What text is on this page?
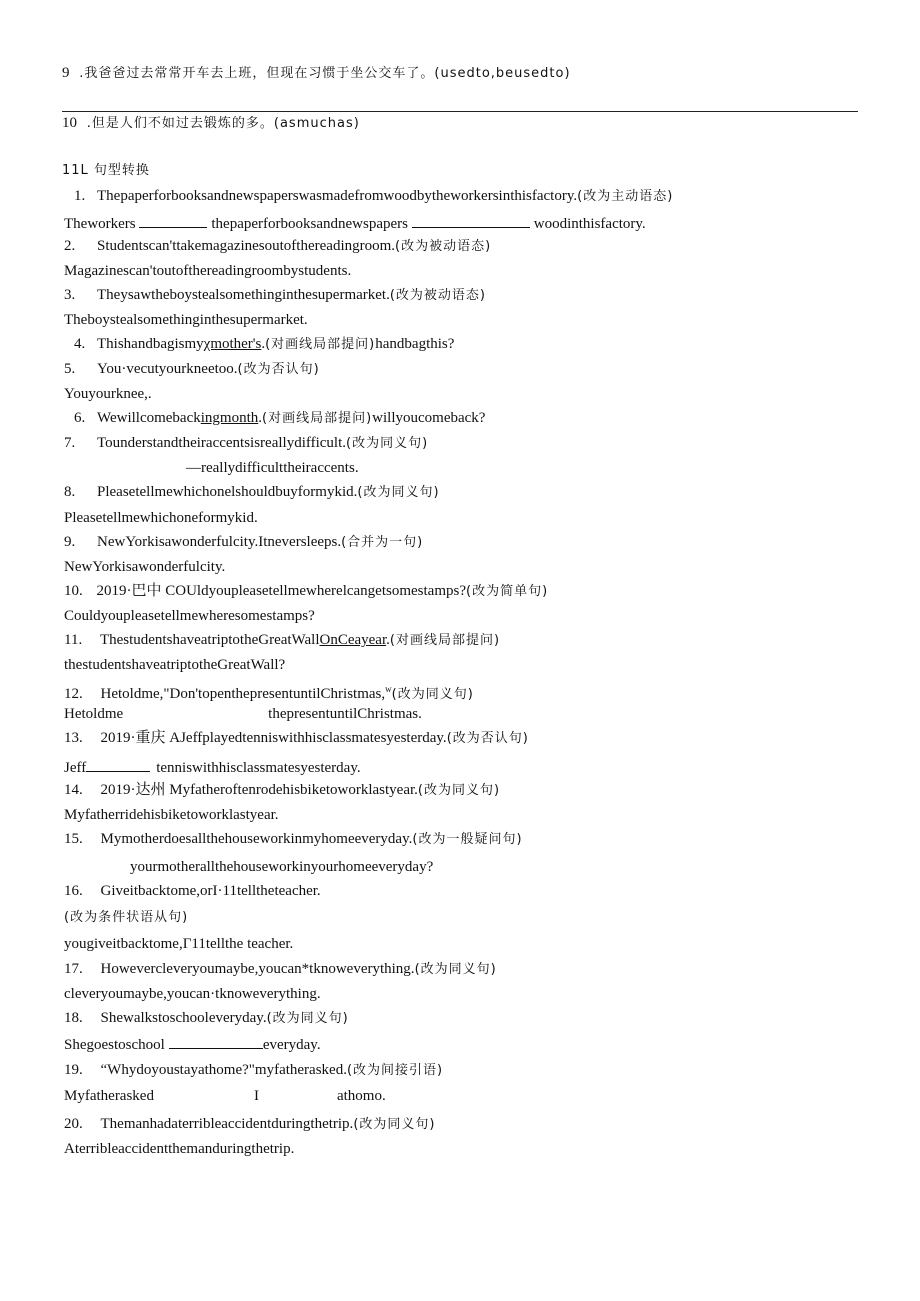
9 .我爸爸过去常常开车去上班，但现在习惯于坐公交车了。(usedto,beusedto)
10 .但是人们不如过去锻炼的多。(asmuchas)
11L 句型转换
1. Thepaperforbooksandnewspaperswasmadefromwoodbytheworkersinthisfactory.(改为主动语态)
Theworkers	thepaperforbooksandnewspapers	woodinthisfactory.
2. Studentscan'ttakemagazinesoutofthereadingroom.(改为被动语态)
Magazinescan'toutofthereadingroombystudents.
3. Theysawtheboystealsomethinginthesupermarket.(改为被动语态)
Theboystealsomethinginthesupermarket.
4. Thishandbagismyχmother's.(对画线局部提问)handbagthis?
5. You·vecutyourkneetoo.(改为否认句)
Youyourknee,.
6. Wewillcomebackingmonth.(对画线局部提问)willyoucomeback?
7. Tounderstandtheiraccentsisreallydifficult.(改为同义句)
—reallydifficulttheiraccents.
8. Pleasetellmewhichonelshouldbuyformykid.(改为同义句)
Pleasetellmewhichoneformykid.
9. NewYorkisawonderfulcity.Itneversleeps.(合并为一句)
NewYorkisawonderfulcity.
10. 2019·巴中 COUldyoupleasetellmewherelcangetsomestamps?(改为简单句)
Couldyoupleasetellmewheresomestamps?
11. ThestudentshaveatriptotheGreatWallOnCeayear.(对画线局部提问)
thestudentshaveatriptotheGreatWall?
12. Hetoldme,"Don'topenthepresentuntilChristmas,$^w$(改为同义句)
Hetoldme	thepresentuntilChristmas.
13. 2019·重庆 AJeffplayedtenniswithhisclassmatesyesterday.(改为否认句)
Jeff	tenniswithhisclassmatesyesterday.
14. 2019·达州 Myfatheroftenrodehisbiketoworklastyear.(改为同义句)
Myfatherridehisbiketoworklastyear.
15. Mymotherdoesallthehouseworkinmyhomeeveryday.(改为一般疑问句)
yourmotherallthehouseworkinyourhomeeveryday?
16. Giveitbacktome,orI·11telltheteacher.
(改为条件状语从句)
yougiveitbacktome,Γ11tellthe teacher.
17. Howevercleveryoumaybe,youcan*tknoweverything.(改为同义句)
cleveryoumaybe,youcan·tknoweverything.
18. Shewalkstoschooleveryday.(改为同义句)
Shegoestoschool	everyday.
19. “Whydoyoustayathome?"myfatherasked.(改为间接引语)
Myfatherasked	I	athomo.
20. Themanhadaterribleaccidentduringthetrip.(改为同义句)
Aterribleaccidentthemanduringthetrip.
